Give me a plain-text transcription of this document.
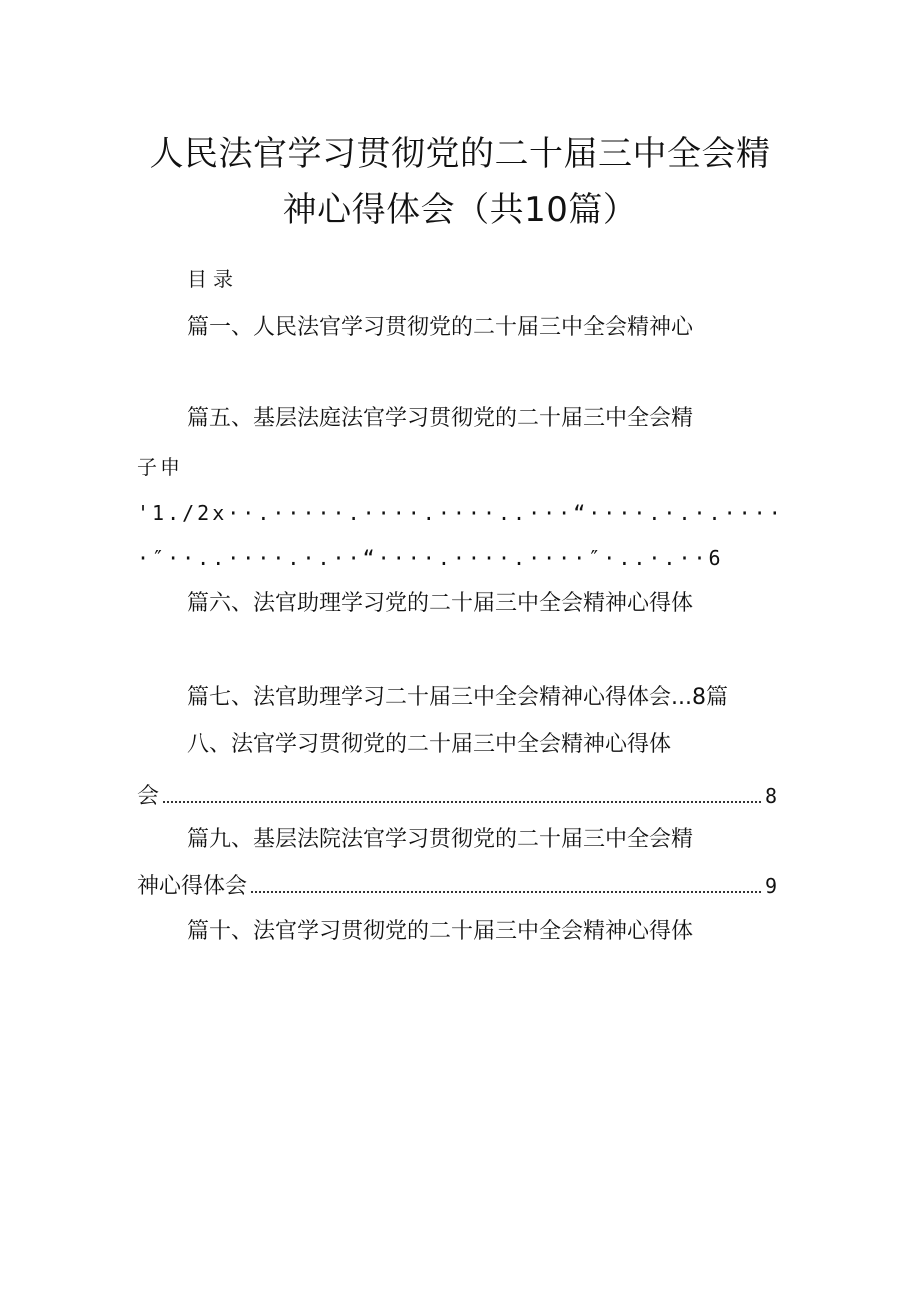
人民法官学习贯彻党的二十届三中全会精
神心得体会（共10篇）
目录
篇一、人民法官学习贯彻党的二十届三中全会精神心
篇五、基层法庭法官学习贯彻党的二十届三中全会精
子申
'1./2x··.·····.····.····..···“····.·.·.····
·″··..····.·.··“····.····.····″·..·.··6
篇六、法官助理学习党的二十届三中全会精神心得体
篇七、法官助理学习二十届三中全会精神心得体会...8篇
八、法官学习贯彻党的二十届三中全会精神心得体
会	8
篇九、基层法院法官学习贯彻党的二十届三中全会精
神心得体会	9
篇十、法官学习贯彻党的二十届三中全会精神心得体
